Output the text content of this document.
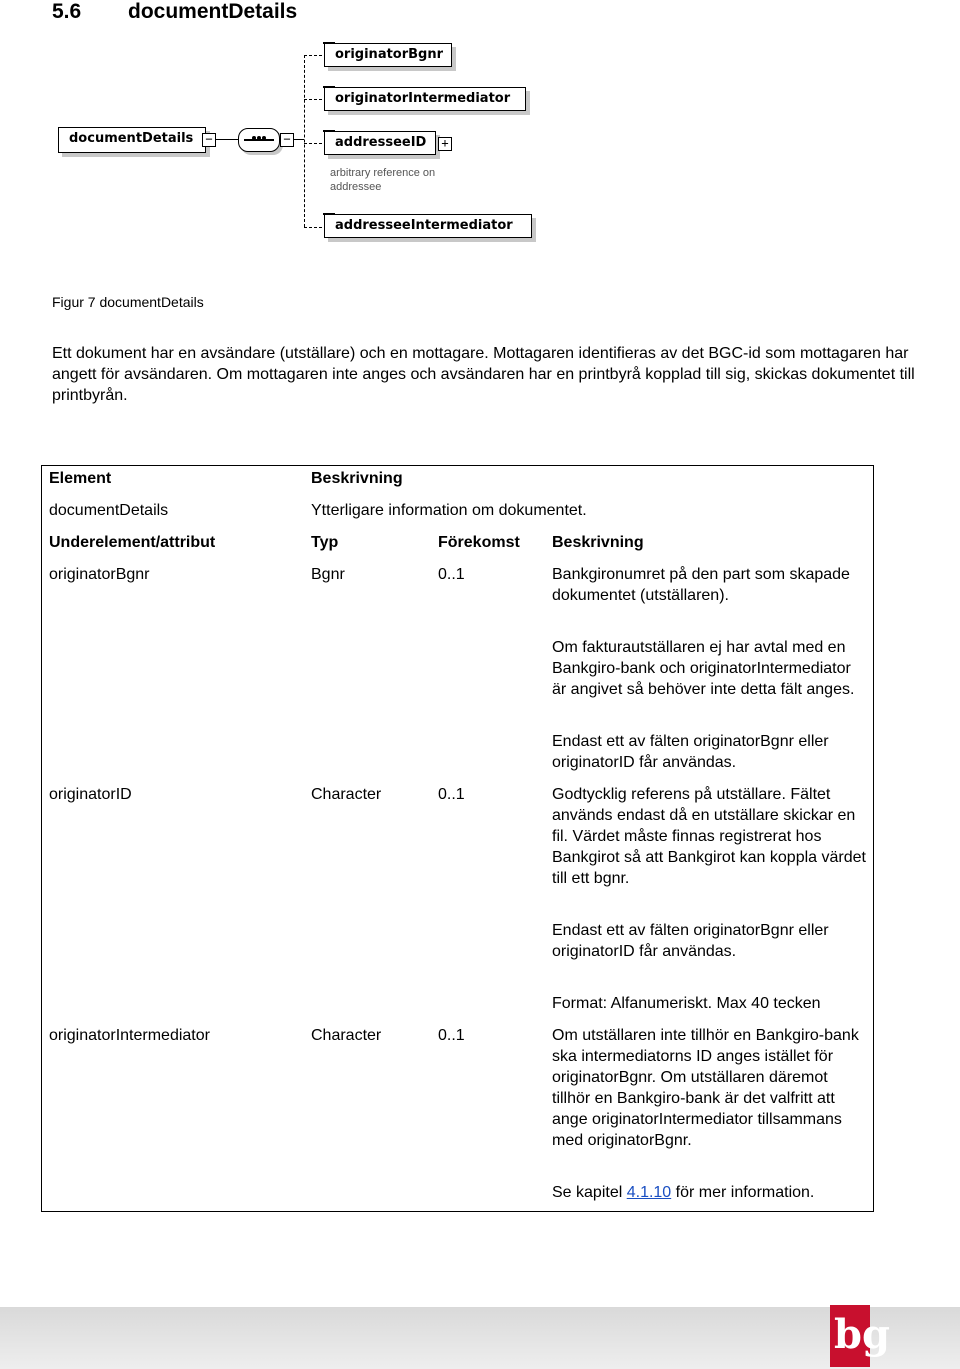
5.6 documentDetails
documentDetails	−	−
originatorBgnr
originatorIntermediator
addresseeID	+
arbitrary reference on
addressee
addresseeIntermediator
Figur 7 documentDetails
Ett dokument har en avsändare (utställare) och en mottagare. Mottagaren identifieras av det BGC-id som mottagaren har angett för avsändaren. Om mottagaren inte anges och avsändaren har en printbyrå kopplad till sig, skickas dokumentet till printbyrån.
Element	Beskrivning		
documentDetails	Ytterligare information om dokumentet.		
Underelement/attribut	Typ	Förekomst	Beskrivning
originatorBgnr	Bgnr	0..1	Bankgironumret på den part som skapade dokumentet (utställaren).

Om fakturautställaren ej har avtal med en Bankgiro-bank och originatorIntermediator är angivet så behöver inte detta fält anges.

Endast ett av fälten originatorBgnr eller originatorID får användas.

originatorID	Character	0..1	Godtycklig referens på utställare. Fältet används endast då en utställare skickar en fil. Värdet måste finnas registrerat hos Bankgirot så att Bankgirot kan koppla värdet till ett bgnr.

Endast ett av fälten originatorBgnr eller originatorID får användas.

Format: Alfanumeriskt. Max 40 tecken

originatorIntermediator	Character	0..1	Om utställaren inte tillhör en Bankgiro-bank ska intermediatorns ID anges istället för originatorBgnr. Om utställaren däremot tillhör en Bankgiro-bank är det valfritt att ange originatorIntermediator tillsammans med originatorBgnr.

Se kapitel 4.1.10 för mer information.

bg
